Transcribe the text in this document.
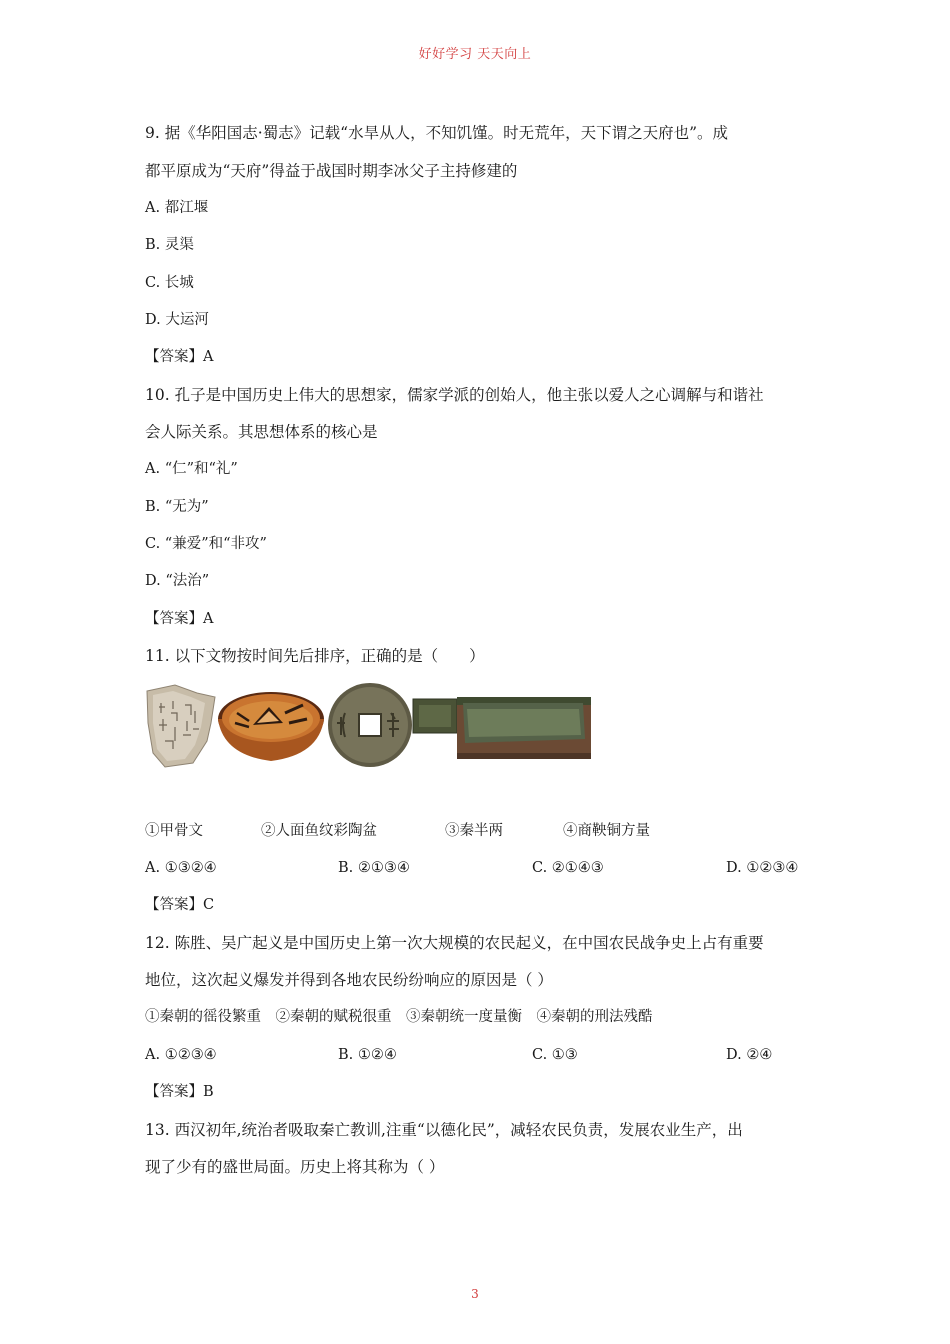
好好学习 天天向上
9. 据《华阳国志·蜀志》记载“水旱从人，不知饥馑。时无荒年，天下谓之天府也”。成
都平原成为“天府”得益于战国时期李冰父子主持修建的
A. 都江堰
B. 灵渠
C. 长城
D. 大运河
【答案】A
10. 孔子是中国历史上伟大的思想家，儒家学派的创始人，他主张以爱人之心调解与和谐社
会人际关系。其思想体系的核心是
A. “仁”和“礼”
B. “无为”
C. “兼爱”和“非攻”
D. “法治”
【答案】A
11. 以下文物按时间先后排序，正确的是（　　）
①甲骨文	②人面鱼纹彩陶盆	③秦半两	④商鞅铜方量
A. ①③②④	B. ②①③④	C. ②①④③	D. ①②③④
【答案】C
12. 陈胜、吴广起义是中国历史上第一次大规模的农民起义，在中国农民战争史上占有重要
地位，这次起义爆发并得到各地农民纷纷响应的原因是（ ）
①秦朝的徭役繁重　②秦朝的赋税很重　③秦朝统一度量衡　④秦朝的刑法残酷
A. ①②③④	B. ①②④	C. ①③	D. ②④
【答案】B
13. 西汉初年,统治者吸取秦亡教训,注重“以德化民”，减轻农民负责，发展农业生产，出
现了少有的盛世局面。历史上将其称为（ ）
3
